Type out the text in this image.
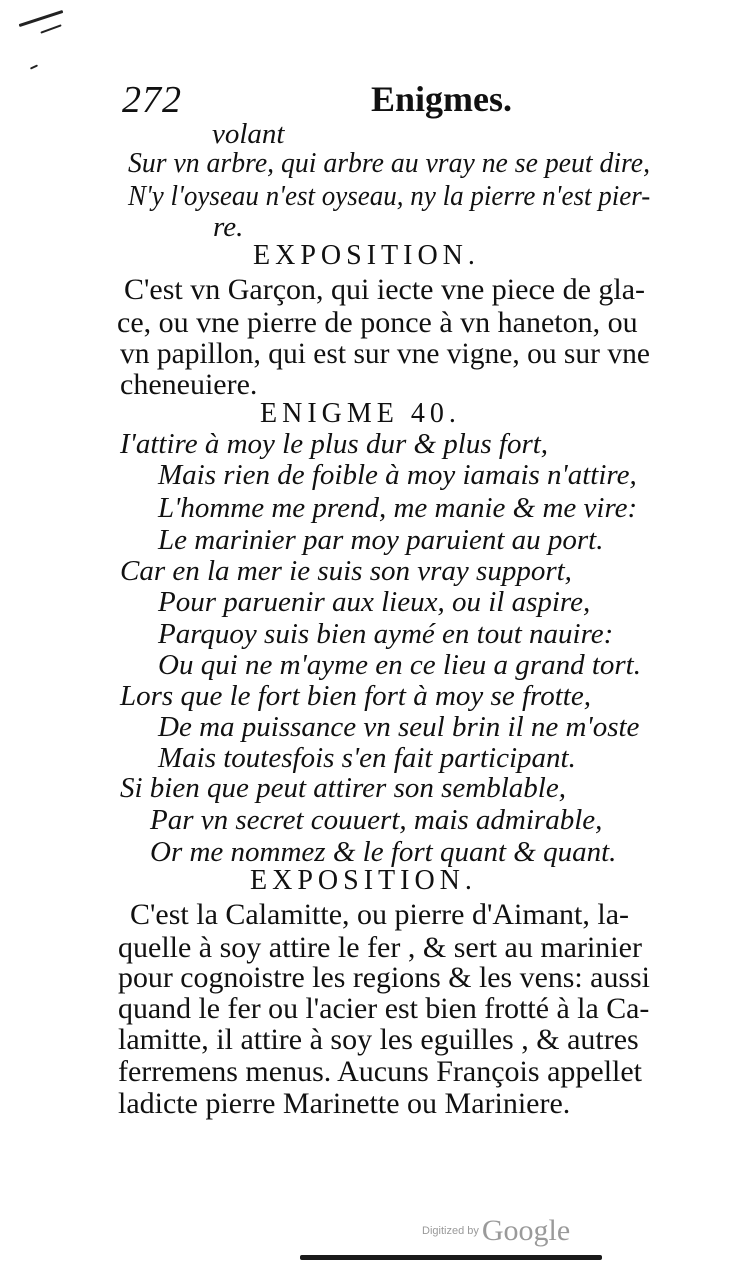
272	Enigmes.
volant
Sur vn arbre, qui arbre au vray ne se peut dire,
N'y l'oyseau n'est oyseau, ny la pierre n'est pier-
re.
EXPOSITION.
C'est vn Garçon, qui iecte vne piece de gla-
ce, ou vne pierre de ponce à vn haneton, ou
vn papillon, qui est sur vne vigne, ou sur vne
cheneuiere.
ENIGME 40.
I'attire à moy le plus dur & plus fort,
Mais rien de foible à moy iamais n'attire,
L'homme me prend, me manie & me vire:
Le marinier par moy paruient au port.
Car en la mer ie suis son vray support,
Pour paruenir aux lieux, ou il aspire,
Parquoy suis bien aymé en tout nauire:
Ou qui ne m'ayme en ce lieu a grand tort.
Lors que le fort bien fort à moy se frotte,
De ma puissance vn seul brin il ne m'oste
Mais toutesfois s'en fait participant.
Si bien que peut attirer son semblable,
Par vn secret couuert, mais admirable,
Or me nommez & le fort quant & quant.
EXPOSITION.
C'est la Calamitte, ou pierre d'Aimant, la-
quelle à soy attire le fer , & sert au marinier
pour cognoistre les regions & les vens: aussi
quand le fer ou l'acier est bien frotté à la Ca-
lamitte, il attire à soy les eguilles , & autres
ferremens menus. Aucuns François appellet
ladicte pierre Marinette ou Mariniere.
Digitized by Google
